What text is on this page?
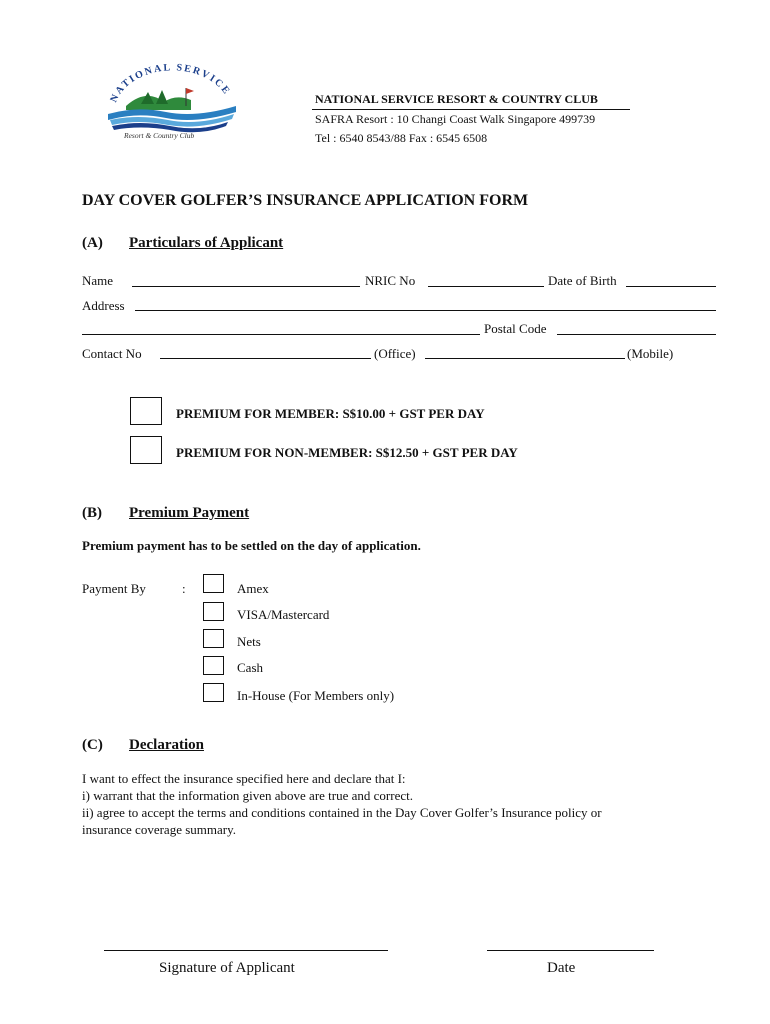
NATIONAL SERVICE
Resort & Country Club
NATIONAL SERVICE RESORT & COUNTRY CLUB
SAFRA Resort : 10 Changi Coast Walk Singapore 499739
Tel : 6540 8543/88 Fax : 6545 6508
DAY COVER GOLFER’S INSURANCE APPLICATION FORM
(A) Particulars of Applicant
Name	NRIC No	Date of Birth
Address
Postal Code
Contact No	(Office)	(Mobile)
PREMIUM FOR MEMBER: S$10.00 + GST PER DAY
PREMIUM FOR NON-MEMBER: S$12.50 + GST PER DAY
(B) Premium Payment
Premium payment has to be settled on the day of application.
Payment By	:	Amex
VISA/Mastercard
Nets
Cash
In-House (For Members only)
(C) Declaration
I want to effect the insurance specified here and declare that I:
i) warrant that the information given above are true and correct.
ii) agree to accept the terms and conditions contained in the Day Cover Golfer’s Insurance policy or
insurance coverage summary.
Signature of Applicant	Date
